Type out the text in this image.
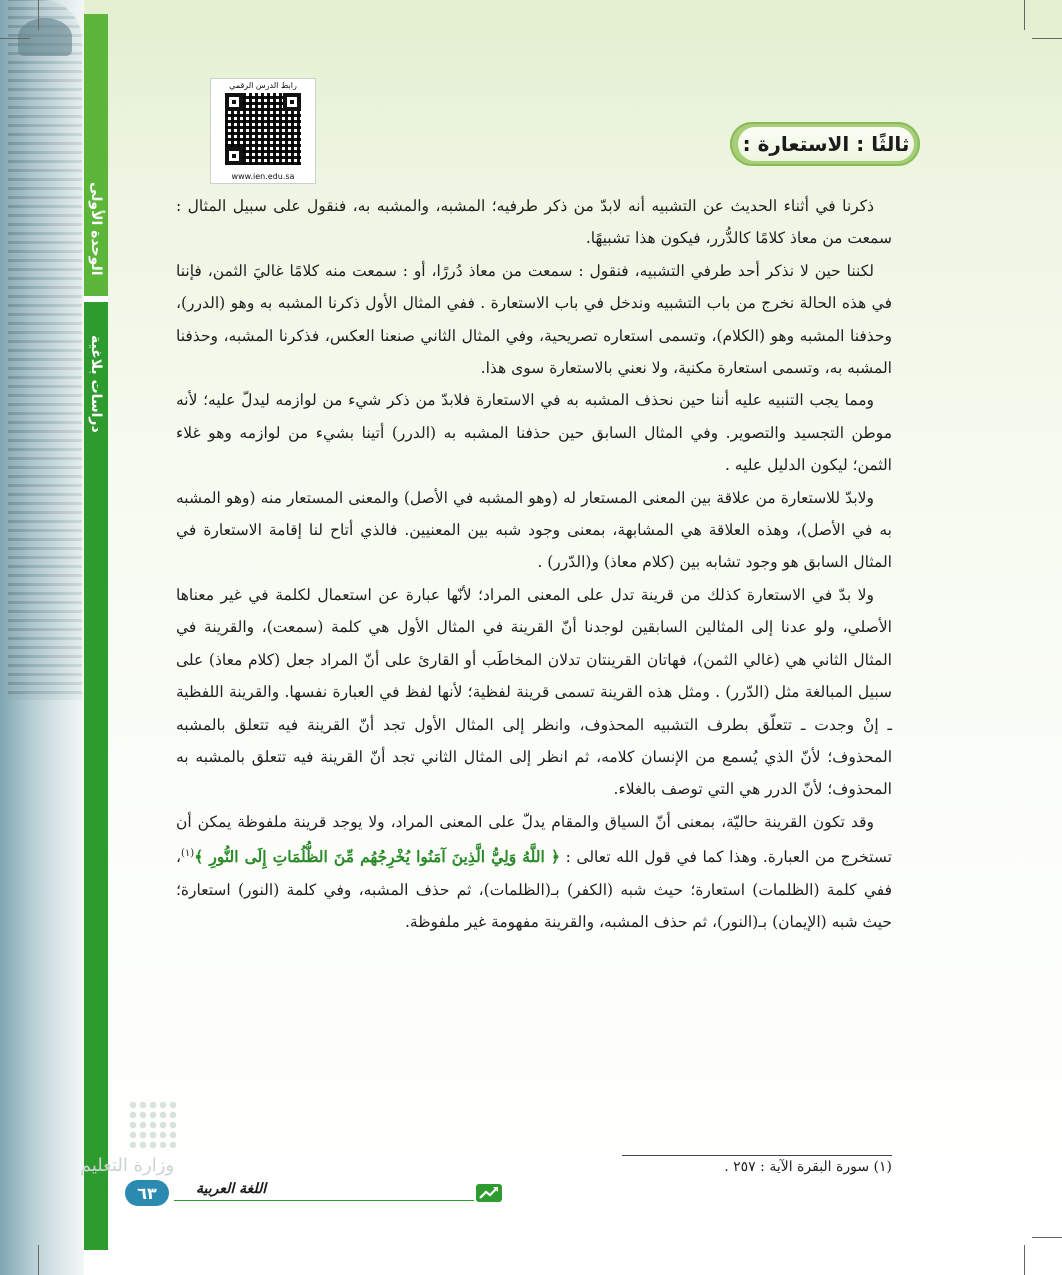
الوحدة الأولى
دراسات بلاغية
رابط الدرس الرقمي
www.ien.edu.sa
ثالثًا : الاستعارة :

ذكرنا في أثناء الحديث عن التشبيه أنه لابدّ من ذكر طرفيه؛ المشبه، والمشبه به، فنقول على سبيل المثال : سمعت من معاذ كلامًا كالدُّرر، فيكون هذا تشبيهًا.

لكننا حين لا نذكر أحد طرفي التشبيه، فنقول : سمعت من معاذ دُررًا، أو : سمعت منه كلامًا غاليَ الثمن، فإننا في هذه الحالة نخرج من باب التشبيه وندخل في باب الاستعارة . ففي المثال الأول ذكرنا المشبه به وهو (الدرر)، وحذفنا المشبه وهو (الكلام)، وتسمى استعاره تصريحية، وفي المثال الثاني صنعنا العكس، فذكرنا المشبه، وحذفنا المشبه به، وتسمى استعارة مكنية، ولا نعني بالاستعارة سوى هذا.

ومما يجب التنبيه عليه أننا حين نحذف المشبه به في الاستعارة فلابدّ من ذكر شيء من لوازمه ليدلّ عليه؛ لأنه موطن التجسيد والتصوير. وفي المثال السابق حين حذفنا المشبه به (الدرر) أتينا بشيء من لوازمه وهو غلاء الثمن؛ ليكون الدليل عليه .

ولابدّ للاستعارة من علاقة بين المعنى المستعار له (وهو المشبه في الأصل) والمعنى المستعار منه (وهو المشبه به في الأصل)، وهذه العلاقة هي المشابهة، بمعنى وجود شبه بين المعنيين. فالذي أتاح لنا إقامة الاستعارة في المثال السابق هو وجود تشابه بين (كلام معاذ) و(الدّرر) .

ولا بدّ في الاستعارة كذلك من قرينة تدل على المعنى المراد؛ لأنّها عبارة عن استعمال لكلمة في غير معناها الأصلي، ولو عدنا إلى المثالين السابقين لوجدنا أنّ القرينة في المثال الأول هي كلمة (سمعت)، والقرينة في المثال الثاني هي (غالي الثمن)، فهاتان القرينتان تدلان المخاطَب أو القارئ على أنّ المراد جعل (كلام معاذ) على سبيل المبالغة مثل (الدّرر) . ومثل هذه القرينة تسمى قرينة لفظية؛ لأنها لفظ في العبارة نفسها. والقرينة اللفظية ـ إنْ وجدت ـ تتعلّق بطرف التشبيه المحذوف، وانظر إلى المثال الأول تجد أنّ القرينة فيه تتعلق بالمشبه المحذوف؛ لأنّ الذي يُسمع من الإنسان كلامه، ثم انظر إلى المثال الثاني تجد أنّ القرينة فيه تتعلق بالمشبه به المحذوف؛ لأنّ الدرر هي التي توصف بالغلاء.

وقد تكون القرينة حاليّة، بمعنى أنّ السياق والمقام يدلّ على المعنى المراد، ولا يوجد قرينة ملفوظة يمكن أن تستخرج من العبارة. وهذا كما في قول الله تعالى : ﴿ اللَّهُ وَلِيُّ الَّذِينَ آمَنُوا يُخْرِجُهُم مِّنَ الظُّلُمَاتِ إِلَى النُّورِ ﴾$^{(١)}$، ففي كلمة (الظلمات) استعارة؛ حيث شبه (الكفر) بـ(الظلمات)، ثم حذف المشبه، وفي كلمة (النور) استعارة؛ حيث شبه (الإيمان) بـ(النور)، ثم حذف المشبه، والقرينة مفهومة غير ملفوظة.

(١) سورة البقرة الآية : ٢٥٧ .
وزارة التعليم
٦٣	اللغة العربية
